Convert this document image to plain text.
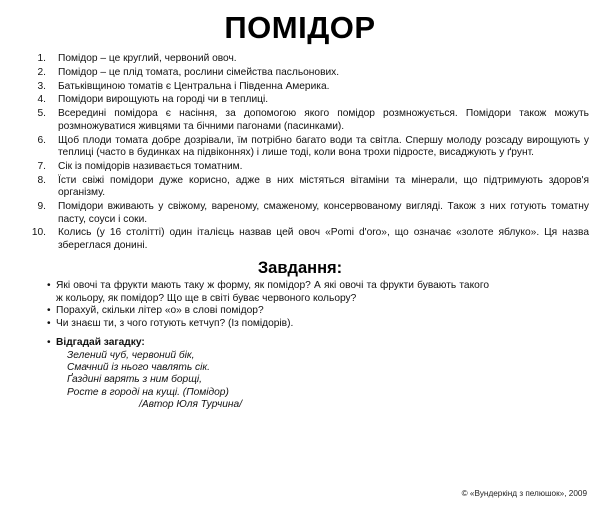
ПОМІДОР
1. Помідор – це круглий, червоний овоч.
2. Помідор – це плід томата, рослини сімейства пасльонових.
3. Батьківщиною томатів є Центральна і Південна Америка.
4. Помідори вирощують на городі чи в теплиці.
5. Всередині помідора є насіння, за допомогою якого помідор розмножується. Помідори також можуть розмножуватися живцями та бічними пагонами (пасинками).
6. Щоб плоди томата добре дозрівали, їм потрібно багато води та світла. Спершу молоду розсаду вирощують у теплиці (часто в будинках на підвіконнях) і лише тоді, коли вона трохи підросте, висаджують у ґрунт.
7. Сік із помідорів називається томатним.
8. Їсти свіжі помідори дуже корисно, адже в них містяться вітаміни та мінерали, що підтримують здоров'я організму.
9. Помідори вживають у свіжому, вареному, смаженому, консервованому вигляді. Також з них готують томатну пасту, соуси і соки.
10. Колись (у 16 столітті) один італієць назвав цей овоч «Pomi d'oro», що означає «золоте яблуко». Ця назва збереглася донині.
Завдання:
• Які овочі та фрукти мають таку ж форму, як помідор? А які овочі та фрукти бувають такого ж кольору, як помідор? Що ще в світі буває червоного кольору?
• Порахуй, скільки літер «о» в слові помідор?
• Чи знаєш ти, з чого готують кетчуп? (Із помідорів).
• Відгадай загадку:
Зелений чуб, червоний бік,
Смачний із нього чавлять сік.
Ґаздині варять з ним борщі,
Росте в городі на кущі. (Помідор)
/Автор Юля Турчина/
© «Вундеркінд з пелюшок», 2009
